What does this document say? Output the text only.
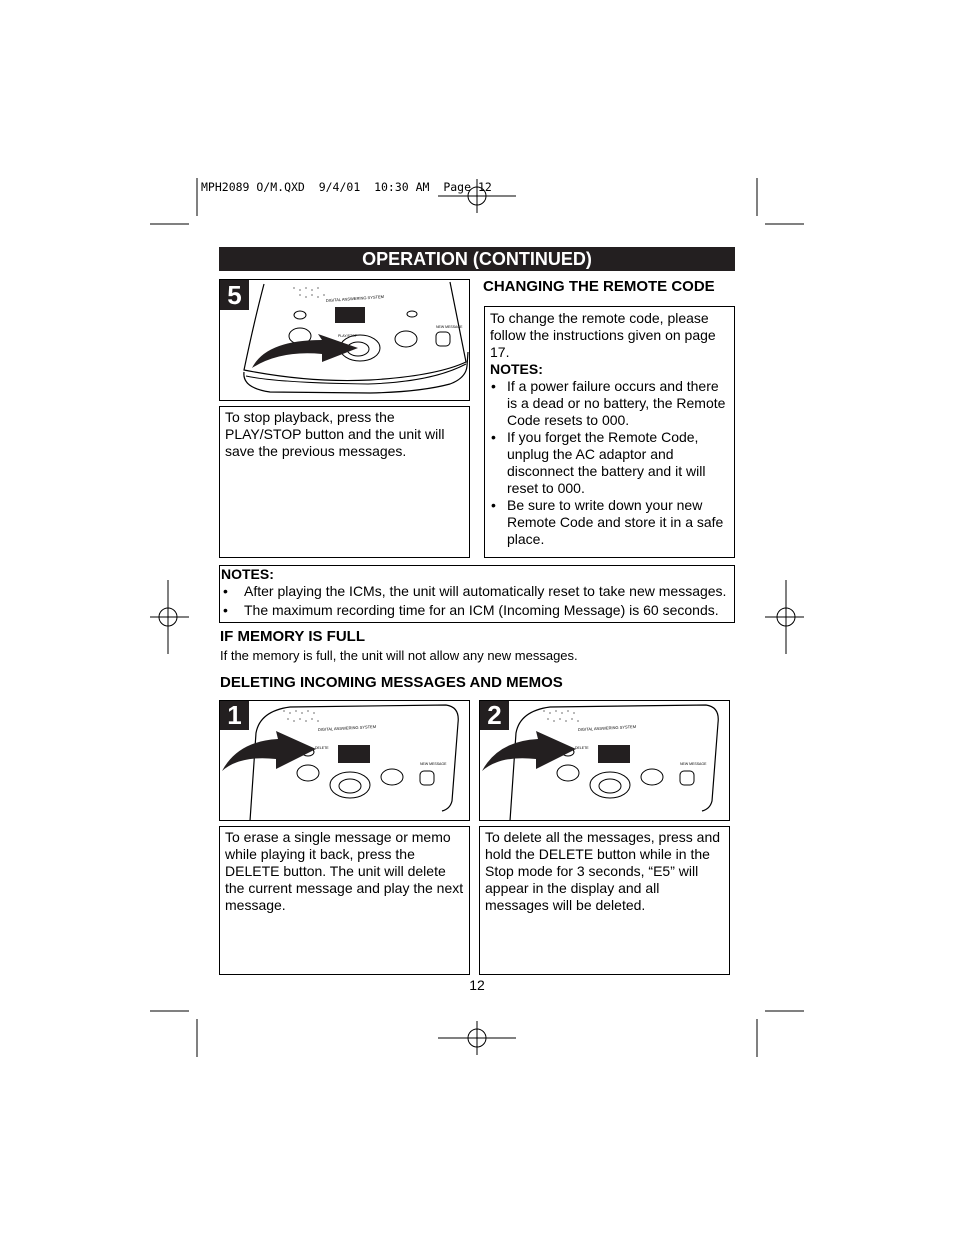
MPH2089 O/M.QXD  9/4/01  10:30 AM  Page 12
OPERATION (CONTINUED)
5	DIGITAL ANSWERING SYSTEM
PLAY/STOP
NEW MESSAGE
To stop playback, press the PLAY/STOP button and the unit will save the previous messages.
CHANGING THE REMOTE CODE
To change the remote code, please follow the instructions given on page 17.
NOTES:
• If a power failure occurs and there is a dead or no battery, the Remote Code resets to 000.
• If you forget the Remote Code, unplug the AC adaptor and disconnect the battery and it will reset to 000.
• Be sure to write down your new Remote Code and store it in a safe place.
NOTES:
• After playing the ICMs, the unit will automatically reset to take new messages.
• The maximum recording time for an ICM (Incoming Message) is 60 seconds.
IF MEMORY IS FULL
If the memory is full, the unit will not allow any new messages.
DELETING INCOMING MESSAGES AND MEMOS
1	DIGITAL ANSWERING SYSTEM
DELETE
NEW MESSAGE
2	DIGITAL ANSWERING SYSTEM
DELETE
NEW MESSAGE
To erase a single message or memo while playing it back, press the DELETE button. The unit will delete the current message and play the next message.
To delete all the messages, press and hold the DELETE button while in the Stop mode for 3 seconds, “E5” will appear in the display and all messages will be deleted.
12
